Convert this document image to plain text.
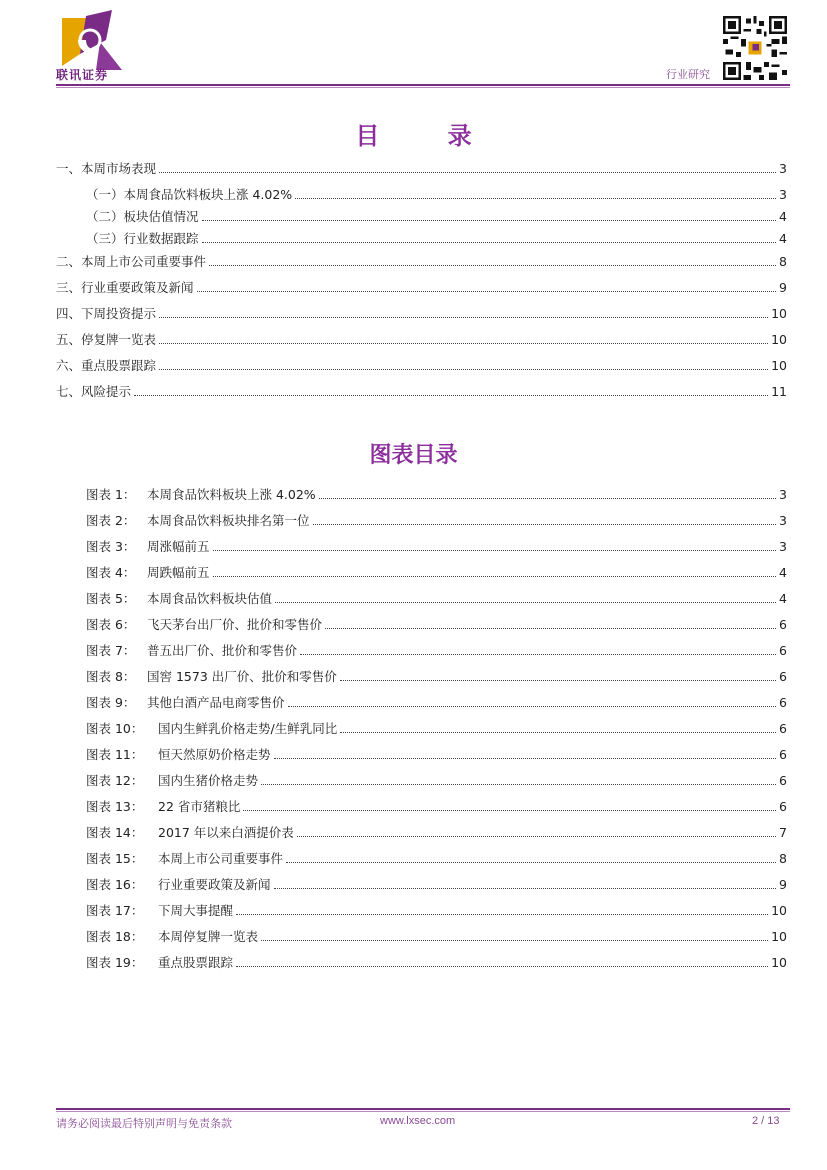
联讯证券	行业研究
目 录
一、本周市场表现	3
（一）本周食品饮料板块上涨 4.02%	3
（二）板块估值情况	4
（三）行业数据跟踪	4
二、本周上市公司重要事件	8
三、行业重要政策及新闻	9
四、下周投资提示	10
五、停复牌一览表	10
六、重点股票跟踪	10
七、风险提示	11
图表目录
图表 1： 本周食品饮料板块上涨 4.02%	3
图表 2： 本周食品饮料板块排名第一位	3
图表 3： 周涨幅前五	3
图表 4： 周跌幅前五	4
图表 5： 本周食品饮料板块估值	4
图表 6： 飞天茅台出厂价、批价和零售价	6
图表 7： 普五出厂价、批价和零售价	6
图表 8： 国窖 1573 出厂价、批价和零售价	6
图表 9： 其他白酒产品电商零售价	6
图表 10：	国内生鲜乳价格走势/生鲜乳同比	6
图表 11：	恒天然原奶价格走势	6
图表 12：	国内生猪价格走势	6
图表 13：	22 省市猪粮比	6
图表 14：	2017 年以来白酒提价表	7
图表 15：	本周上市公司重要事件	8
图表 16：	行业重要政策及新闻	9
图表 17：	下周大事提醒	10
图表 18：	本周停复牌一览表	10
图表 19：	重点股票跟踪	10
请务必阅读最后特别声明与免责条款	www.lxsec.com	2 / 13
